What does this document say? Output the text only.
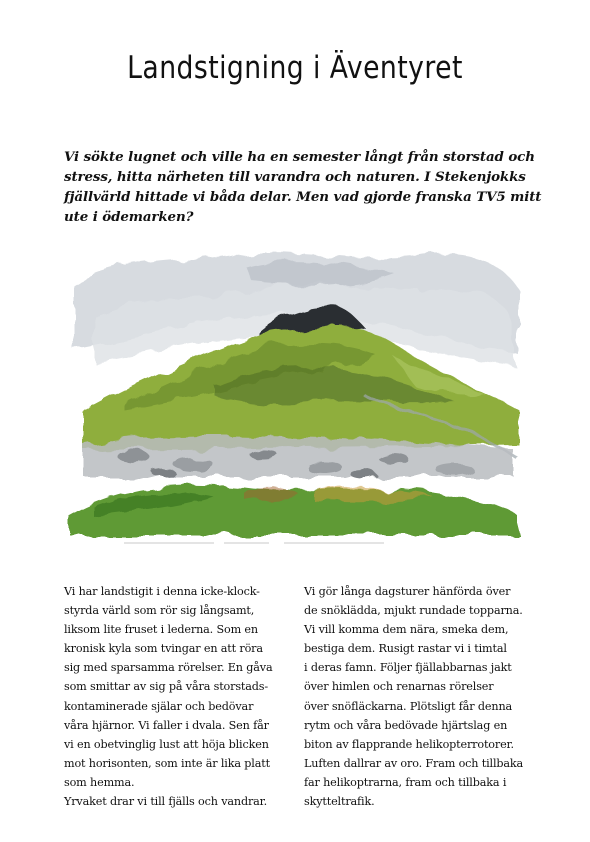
Landstigning i Äventyret

Vi sökte lugnet och ville ha en semester långt från storstad och stress, hitta närheten till varandra och naturen. I Stekenjokks fjällvärld hittade vi båda delar. Men vad gjorde franska TV5 mitt ute i ödemarken?

Vi har landstigit i denna icke-klock-
styrda värld som rör sig långsamt,
liksom lite fruset i lederna. Som en
kronisk kyla som tvingar en att röra
sig med sparsamma rörelser. En gåva
som smittar av sig på våra storstads-
kontaminerade själar och bedövar
våra hjärnor. Vi faller i dvala. Sen får
vi en obetvinglig lust att höja blicken
mot horisonten, som inte är lika platt
som hemma.
Yrvaket drar vi till fjälls och vandrar.

Vi gör långa dagsturer hänförda över
de snöklädda, mjukt rundade topparna.
Vi vill komma dem nära, smeka dem,
bestiga dem. Rusigt rastar vi i timtal
i deras famn. Följer fjällabbarnas jakt
över himlen och renarnas rörelser
över snöfläckarna. Plötsligt får denna
rytm och våra bedövade hjärtslag en
biton av flapprande helikopterrotorer.
Luften dallrar av oro. Fram och tillbaka
far helikoptrarna, fram och tillbaka i
skytteltrafik.
